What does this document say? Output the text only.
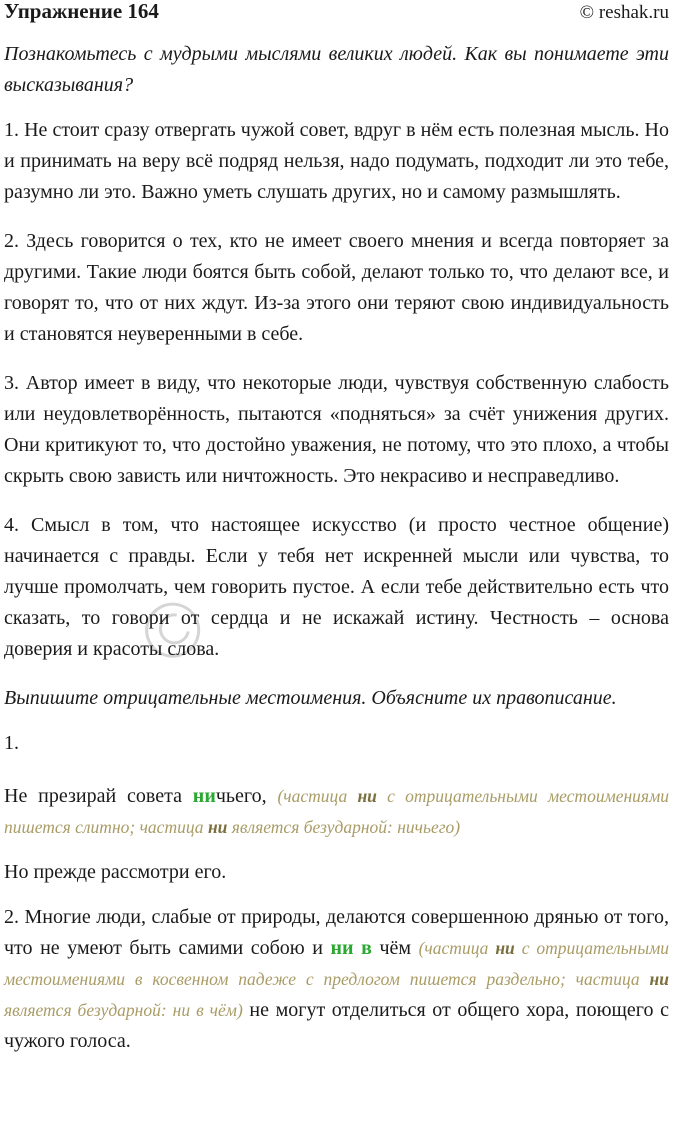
Упражнение 164	© reshak.ru

Познакомьтесь с мудрыми мыслями великих людей. Как вы понимаете эти высказывания?

1. Не стоит сразу отвергать чужой совет, вдруг в нём есть полезная мысль. Но и принимать на веру всё подряд нельзя, надо подумать, подходит ли это тебе, разумно ли это. Важно уметь слушать других, но и самому размышлять.

2. Здесь говорится о тех, кто не имеет своего мнения и всегда повторяет за другими. Такие люди боятся быть собой, делают только то, что делают все, и говорят то, что от них ждут. Из-за этого они теряют свою индивидуальность и становятся неуверенными в себе.

3. Автор имеет в виду, что некоторые люди, чувствуя собственную слабость или неудовлетворённость, пытаются «подняться» за счёт унижения других. Они критикуют то, что достойно уважения, не потому, что это плохо, а чтобы скрыть свою зависть или ничтожность. Это некрасиво и несправедливо.

4. Смысл в том, что настоящее искусство (и просто честное общение) начинается с правды. Если у тебя нет искренней мысли или чувства, то лучше промолчать, чем говорить пустое. А если тебе действительно есть что сказать, то говори от сердца и не искажай истину. Честность – основа доверия и красоты слова.

Выпишите отрицательные местоимения. Объясните их правописание.

1.

Не презирай совета ничьего, (частица ни с отрицательными местоимениями пишется слитно; частица ни является безударной: ничьего)

Но прежде рассмотри его.

2. Многие люди, слабые от природы, делаются совершенною дрянью от того, что не умеют быть самими собою и ни в чём (частица ни с отрицательными местоимениями в косвенном падеже с предлогом пишется раздельно; частица ни является безударной: ни в чём) не могут отделиться от общего хора, поющего с чужого голоса.
